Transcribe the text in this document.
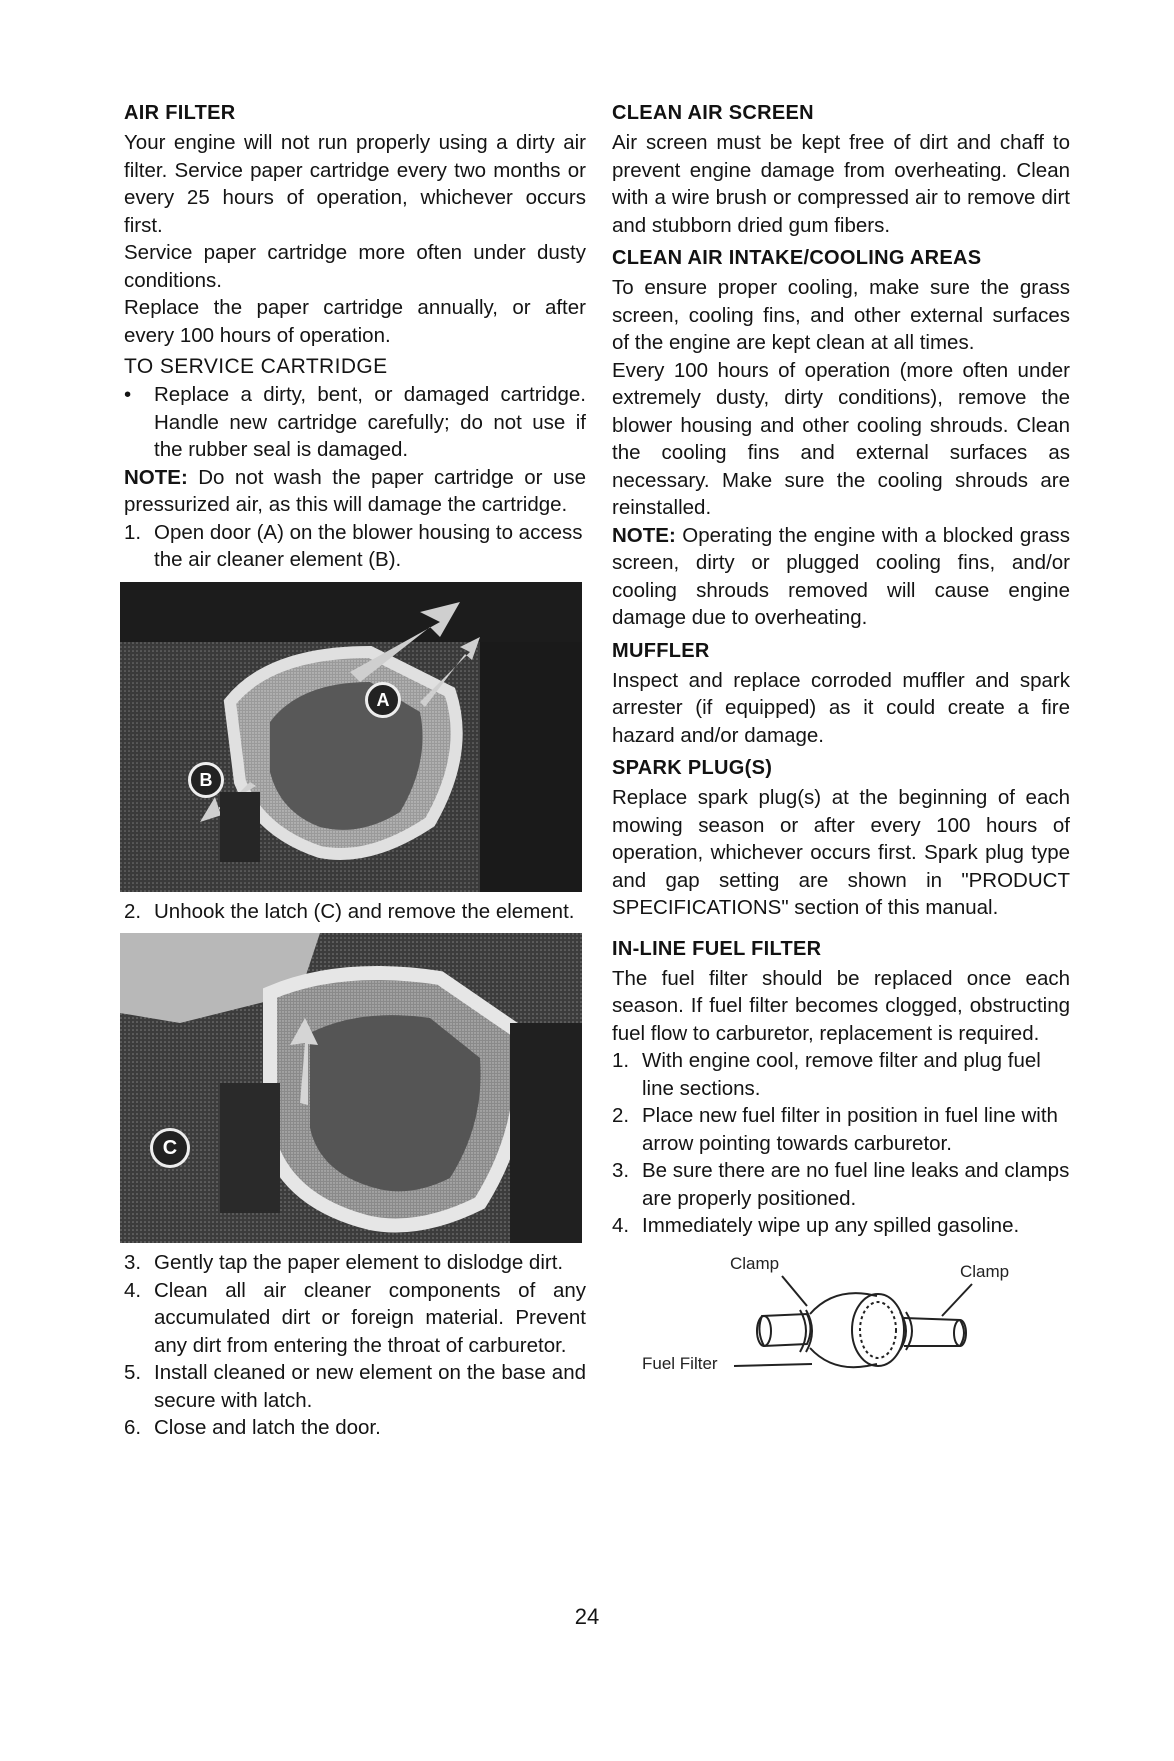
AIR FILTER

Your engine will not run properly using a dirty air filter. Service paper cartridge every two months or every 25 hours of operation, whichever occurs first.

Service paper cartridge more often under dusty conditions.

Replace the paper cartridge annually, or after every 100 hours of operation.

TO SERVICE CARTRIDGE
•	Replace a dirty, bent, or damaged cartridge. Handle new cartridge carefully; do not use if the rubber seal is damaged.

NOTE: Do not wash the paper cartridge or use pressurized air, as this will damage the cartridge.

1. Open door (A) on the blower housing to access the air cleaner element (B).
A
B
2. Unhook the latch (C) and remove the element.
C
3. Gently tap the paper element to dislodge dirt.
4. Clean all air cleaner components of any accumulated dirt or foreign material. Prevent any dirt from entering the throat of carburetor.
5. Install cleaned or new element on the base and secure with latch.
6. Close and latch the door.
CLEAN AIR SCREEN

Air screen must be kept free of dirt and chaff to prevent engine damage from overheating. Clean with a wire brush or compressed air to remove dirt and stubborn dried gum fibers.

CLEAN AIR INTAKE/COOLING AREAS

To ensure proper cooling, make sure the grass screen, cooling fins, and other external surfaces of the engine are kept clean at all times.

Every 100 hours of operation (more often under extremely dusty, dirty conditions), remove the blower housing and other cooling shrouds. Clean the cooling fins and external surfaces as necessary. Make sure the cooling shrouds are reinstalled.

NOTE: Operating the engine with a blocked grass screen, dirty or plugged cooling fins, and/or cooling shrouds removed will cause engine damage due to overheating.

MUFFLER

Inspect and replace corroded muffler and spark arrester (if equipped) as it could create a fire hazard and/or damage.

SPARK PLUG(S)

Replace spark plug(s) at the beginning of each mowing season or after every 100 hours of operation, whichever occurs first. Spark plug type and gap setting are shown in "PRODUCT SPECIFICATIONS" section of this manual.

IN-LINE FUEL FILTER

The fuel filter should be replaced once each season. If fuel filter becomes clogged, obstructing fuel flow to carburetor, replacement is required.

1. With engine cool, remove filter and plug fuel line sections.
2. Place new fuel filter in position in fuel line with arrow pointing towards carburetor.
3. Be sure there are no fuel line leaks and clamps are properly positioned.
4. Immediately wipe up any spilled gasoline.
Clamp	Clamp
Fuel Filter
24
